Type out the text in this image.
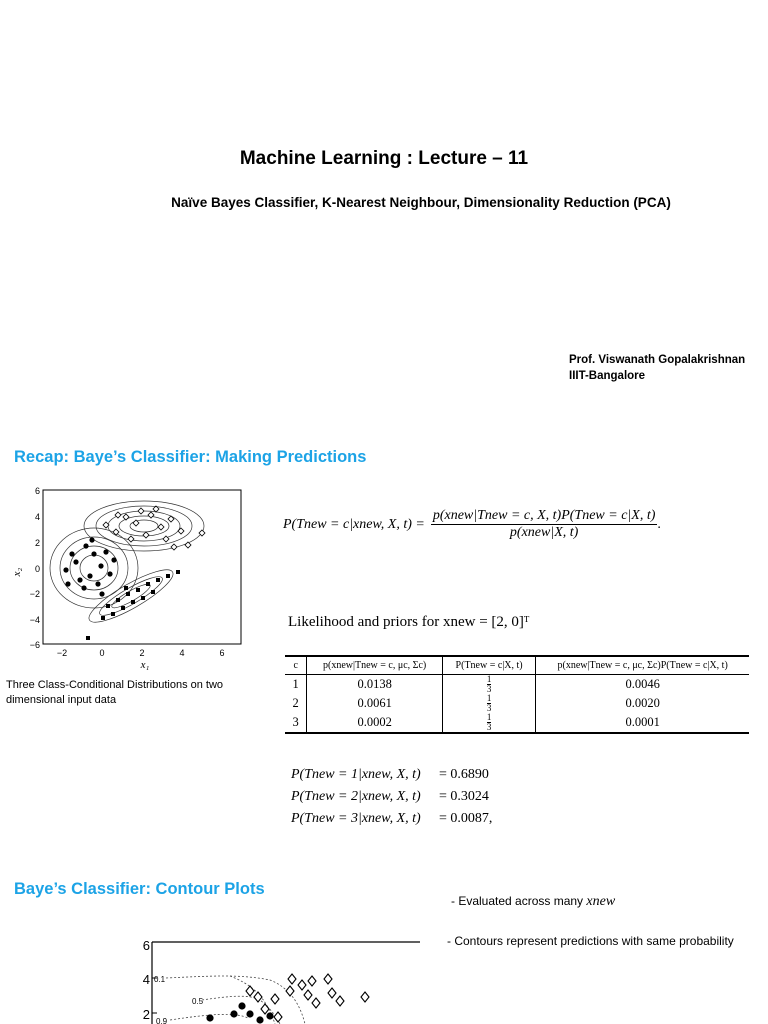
Machine Learning : Lecture – 11
Naïve Bayes Classifier, K-Nearest Neighbour, Dimensionality Reduction (PCA)
Prof. Viswanath Gopalakrishnan
IIIT-Bangalore
Recap: Baye’s Classifier: Making Predictions
6
4
2
0
−2
−4
−6
−2	0	2	4	6
x₁
x₂
Three Class-Conditional Distributions on two dimensional input data
P(Tnew = c|xnew, X, t) =
p(xnew|Tnew = c, X, t)P(Tnew = c|X, t)
p(xnew|X, t)
.
Likelihood and priors for xnew = [2, 0]ᵀ
c	p(xnew|Tnew = c, μc, Σc)	P(Tnew = c|X, t)	p(xnew|Tnew = c, μc, Σc)P(Tnew = c|X, t)
1	0.0138	$\frac{1}{3}$	0.0046
2	0.0061	$\frac{1}{3}$	0.0020
3	0.0002	$\frac{1}{3}$	0.0001
P(Tnew = 1|xnew, X, t) = 0.6890
P(Tnew = 2|xnew, X, t) = 0.3024
P(Tnew = 3|xnew, X, t) = 0.0087,
Baye’s Classifier: Contour Plots
- Evaluated across many xnew
- Contours represent predictions with same probability
6
4
2
0.1
0.5
0.9
